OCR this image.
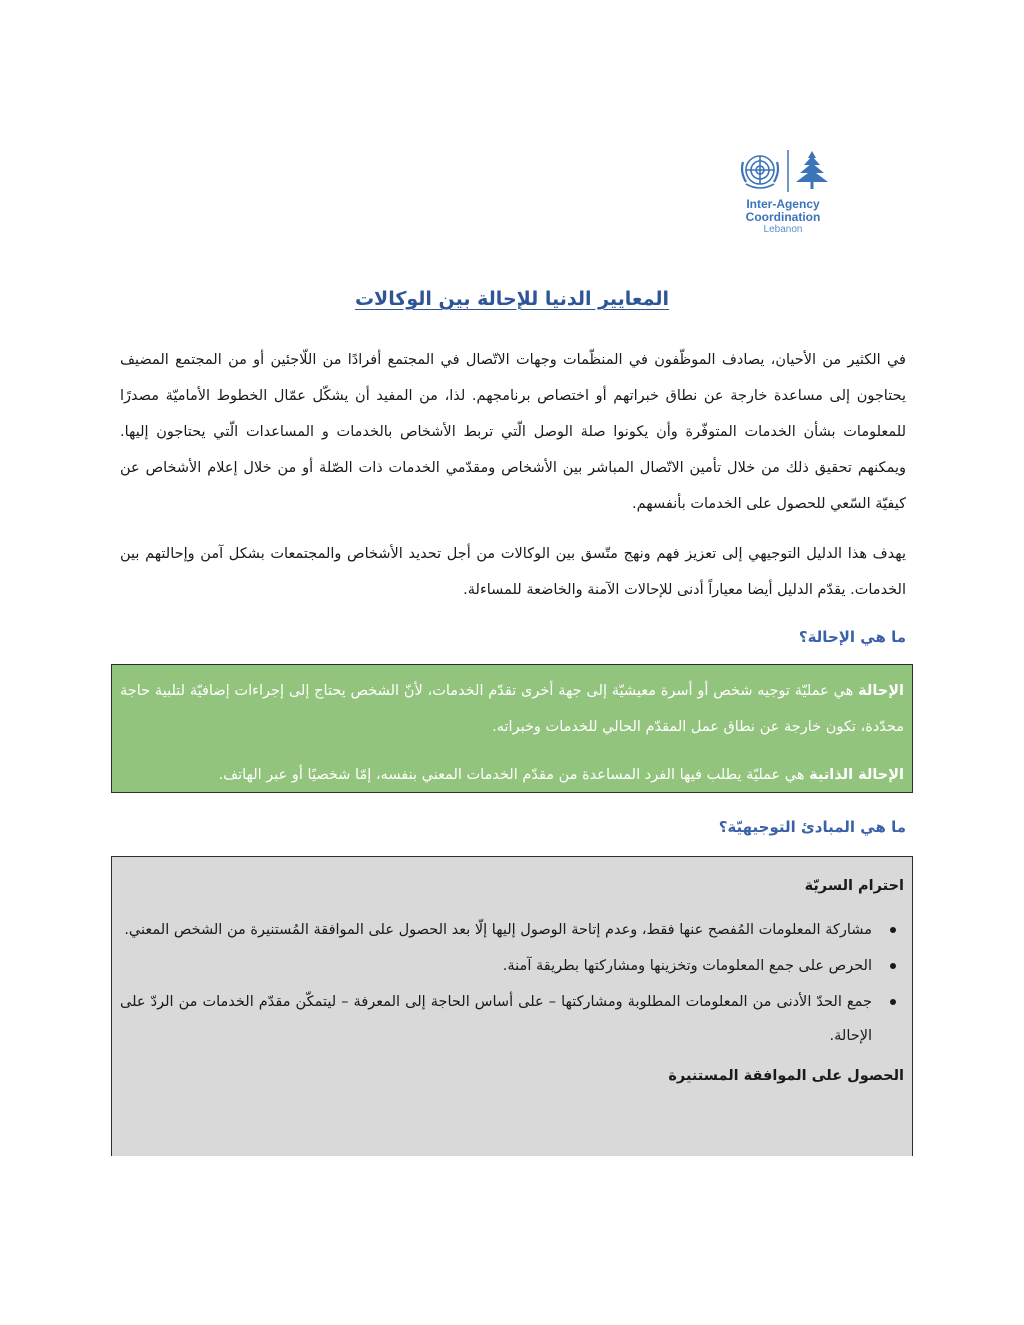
Inter-Agency
Coordination
Lebanon
المعايير الدنيا للإحالة بين الوكالات

في الكثير من الأحيان، يصادف الموظّفون في المنظّمات وجهات الاتّصال في المجتمع أفرادًا من اللّاجئين أو من المجتمع المضيف يحتاجون إلى مساعدة خارجة عن نطاق خبراتهم أو اختصاص برنامجهم. لذا، من المفيد أن يشكّل عمّال الخطوط الأماميّة مصدرًا للمعلومات بشأن الخدمات المتوفّرة وأن يكونوا صلة الوصل الّتي تربط الأشخاص بالخدمات و المساعدات الّتي يحتاجون إليها. ويمكنهم تحقيق ذلك من خلال تأمين الاتّصال المباشر بين الأشخاص ومقدّمي الخدمات ذات الصّلة أو من خلال إعلام الأشخاص عن كيفيّة السّعي للحصول على الخدمات بأنفسهم.

يهدف هذا الدليل التوجيهي إلى تعزيز فهم ونهج متّسق بين الوكالات من أجل تحديد الأشخاص والمجتمعات بشكل آمن وإحالتهم بين الخدمات. يقدّم الدليل أيضا معياراً أدنى للإحالات الآمنة والخاضعة للمساءلة.

ما هي الإحالة؟

الإحالة هي عمليّة توجيه شخص أو أسرة معيشيّة إلى جهة أخرى تقدّم الخدمات، لأنّ الشخص يحتاج إلى إجراءات إضافيّة لتلبية حاجة محدّدة، تكون خارجة عن نطاق عمل المقدّم الحالي للخدمات وخبراته.

الإحالة الذاتية هي عمليّة يطلب فيها الفرد المساعدة من مقدّم الخدمات المعني بنفسه، إمّا شخصيًا أو عبر الهاتف.

ما هي المبادئ التوجيهيّة؟

احترام السريّة

مشاركة المعلومات المُفصح عنها فقط، وعدم إتاحة الوصول إليها إلّا بعد الحصول على الموافقة المُستنيرة من الشخص المعني.
الحرص على جمع المعلومات وتخزينها ومشاركتها بطريقة آمنة.
جمع الحدّ الأدنى من المعلومات المطلوبة ومشاركتها – على أساس الحاجة إلى المعرفة – ليتمكّن مقدّم الخدمات من الردّ على الإحالة.

الحصول على الموافقة المستنيرة
